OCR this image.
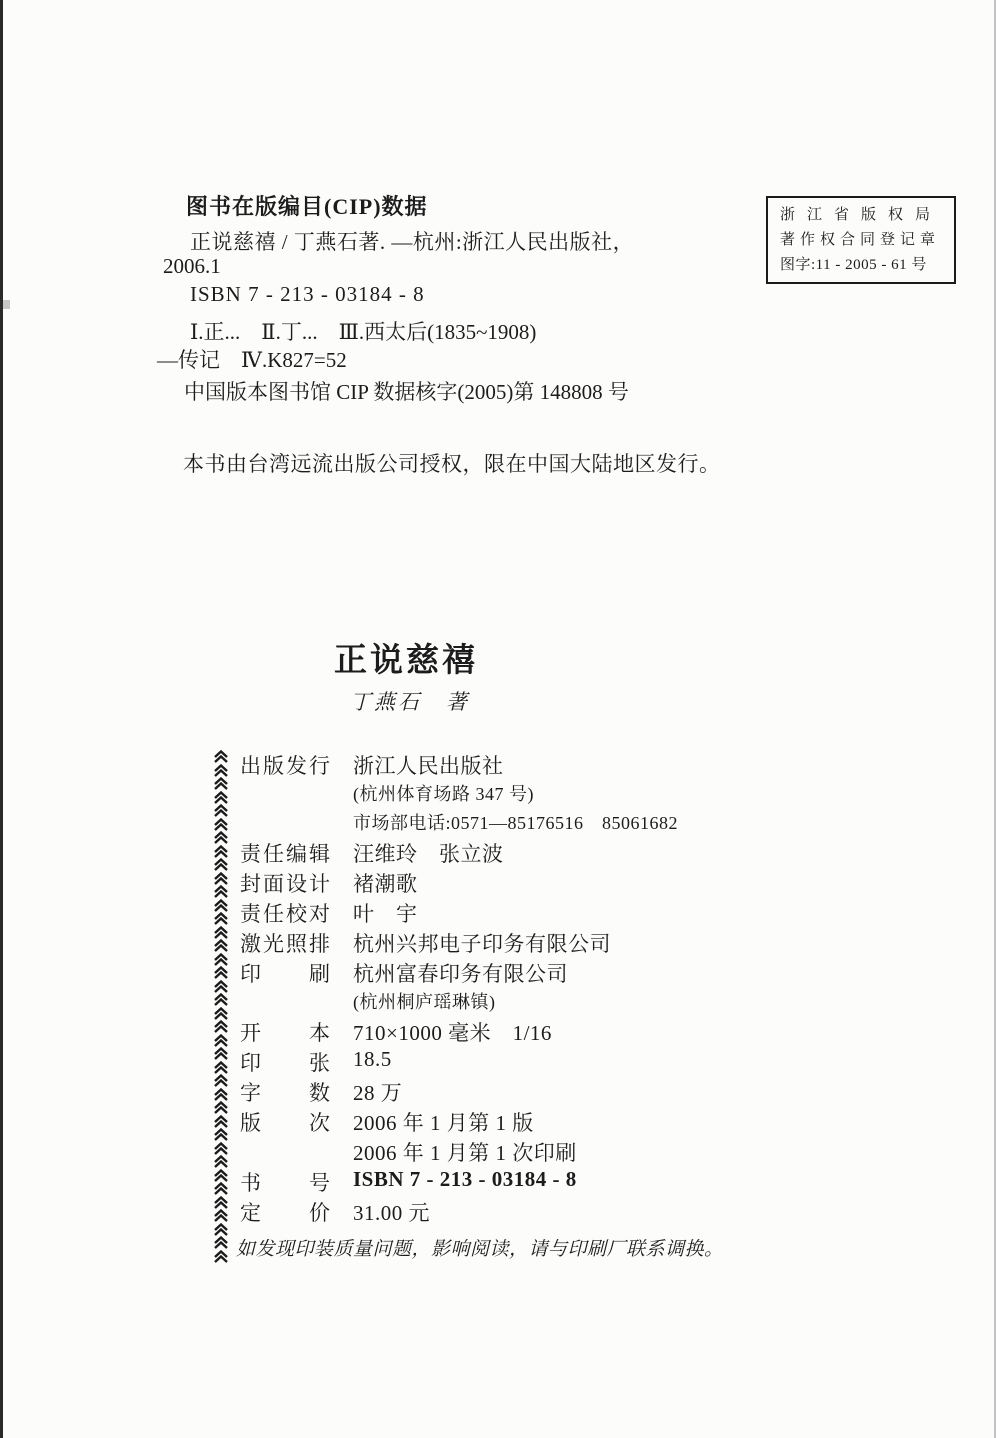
图书在版编目(CIP)数据
正说慈禧 / 丁燕石著. —杭州:浙江人民出版社，
2006.1
ISBN 7 - 213 - 03184 - 8
Ⅰ.正...　Ⅱ.丁...　Ⅲ.西太后(1835~1908)
—传记　Ⅳ.K827=52
中国版本图书馆 CIP 数据核字(2005)第 148808 号
浙江省版权局
著作权合同登记章
图字:11 - 2005 - 61 号
本书由台湾远流出版公司授权，限在中国大陆地区发行。
正说慈禧
丁燕石　著
出版发行 浙江人民出版社
(杭州体育场路 347 号)
市场部电话:0571—85176516　85061682
责任编辑 汪维玲　张立波
封面设计 褚潮歌
责任校对 叶　宇
激光照排 杭州兴邦电子印务有限公司
印刷 杭州富春印务有限公司
(杭州桐庐瑶琳镇)
开本 710×1000 毫米　1/16
印张 18.5
字数 28 万
版次 2006 年 1 月第 1 版
2006 年 1 月第 1 次印刷
书号 ISBN 7 - 213 - 03184 - 8
定价 31.00 元
如发现印装质量问题，影响阅读，请与印刷厂联系调换。
